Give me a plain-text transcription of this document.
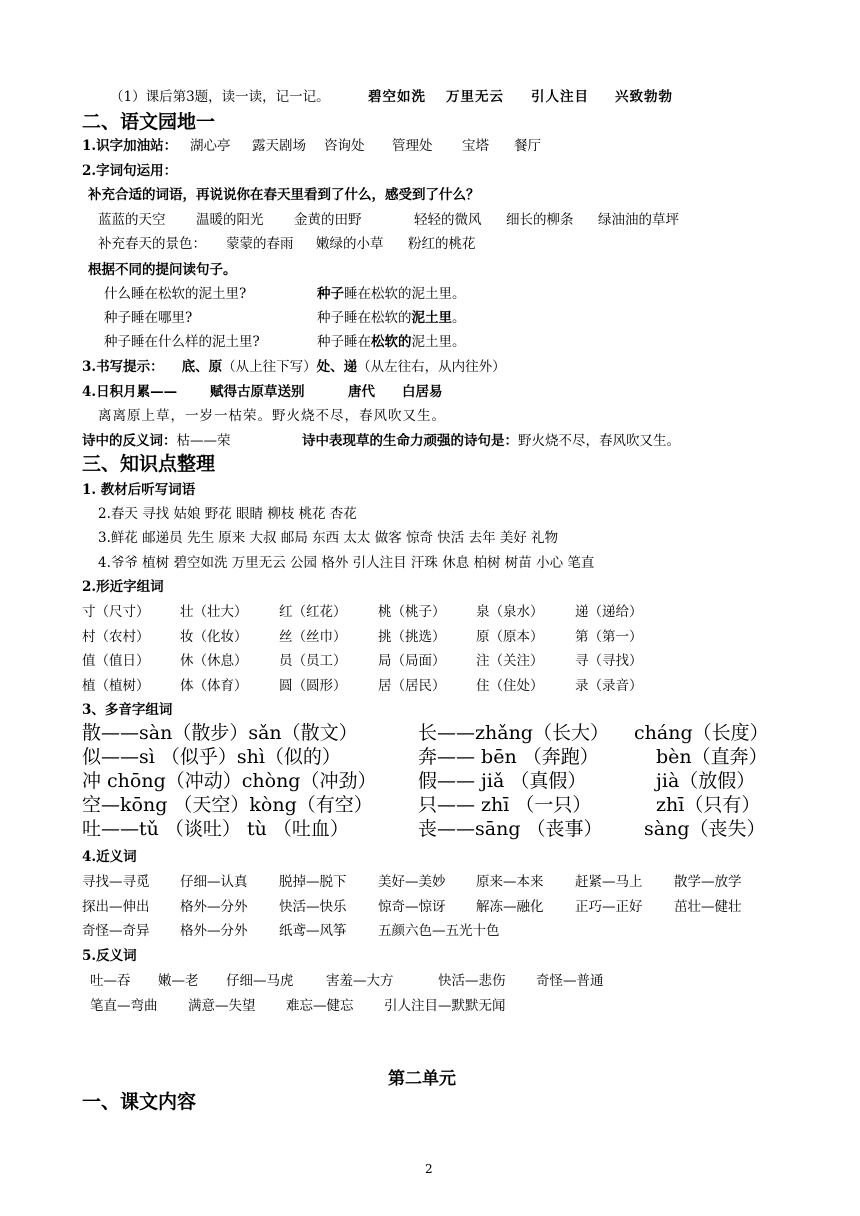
（1）课后第3题，读一读，记一记。	碧空如洗 万里无云 引人注目 兴致勃勃
二、语文园地一
1.识字加油站： 湖心亭 露天剧场 咨询处 管理处 宝塔 餐厅
2.字词句运用：
补充合适的词语，再说说你在春天里看到了什么，感受到了什么？
蓝蓝的天空 温暖的阳光 金黄的田野	轻轻的微风 细长的柳条 绿油油的草坪
补充春天的景色： 蒙蒙的春雨 嫩绿的小草 粉红的桃花
根据不同的提问读句子。
什么睡在松软的泥土里?	种子睡在松软的泥土里。
种子睡在哪里?	种子睡在松软的泥土里。
种子睡在什么样的泥土里?	种子睡在松软的泥土里。
3.书写提示： 底、原（从上往下写）处、递（从左往右，从内往外）
4.日积月累—— 赋得古原草送别	唐代 白居易
离离原上草，一岁一枯荣。野火烧不尽，春风吹又生。
诗中的反义词：枯——荣	诗中表现草的生命力顽强的诗句是：野火烧不尽，春风吹又生。
三、知识点整理
1. 教材后听写词语
2.春天 寻找 姑娘 野花 眼睛 柳枝 桃花 杏花
3.鲜花 邮递员 先生 原来 大叔 邮局 东西 太太 做客 惊奇 快活 去年 美好 礼物
4.爷爷 植树 碧空如洗 万里无云 公园 格外 引人注目 汗珠 休息 柏树 树苗 小心 笔直
2.形近字组词
寸（尺寸） 壮（壮大） 红（红花） 桃（桃子） 泉（泉水） 递（递给）
村（农村） 妆（化妆） 丝（丝巾） 挑（挑选） 原（原本） 第（第一）
值（值日） 休（休息） 员（员工） 局（局面） 注（关注） 寻（寻找）
植（植树） 体（体育） 圆（圆形） 居（居民） 住（住处） 录（录音）
3、多音字组词
散——sàn（散步）sǎn（散文）	长——zhǎng（长大） cháng（长度）
似——sì （似乎）shì（似的）	奔—— bēn （奔跑）	bèn（直奔）
冲 chōng（冲动）chòng（冲劲） 假—— jiǎ （真假）	jià（放假）
空—kōng （天空）kòng（有空） 只—— zhī （一只）	zhī（只有）
吐——tǔ （谈吐） tù （吐血）	丧——sāng （丧事） sàng（丧失）
4.近义词
寻找—寻觅 仔细—认真 脱掉—脱下 美好—美妙 原来—本来 赶紧—马上 散学—放学
探出—伸出 格外—分外 快活—快乐 惊奇—惊讶 解冻—融化 正巧—正好 茁壮—健壮
奇怪—奇异 格外—分外 纸鸢—风筝 五颜六色—五光十色
5.反义词
吐—吞 嫩—老 仔细—马虎 害羞—大方	快活—悲伤 奇怪—普通
笔直—弯曲 满意—失望 难忘—健忘 引人注目—默默无闻
第二单元
一、课文内容
2
